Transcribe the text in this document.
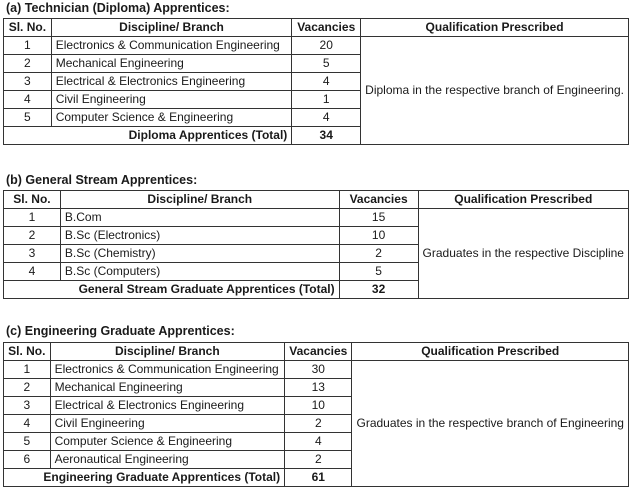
(a) Technician (Diploma) Apprentices:
Sl. No.	Discipline/ Branch	Vacancies	Qualification Prescribed
1	Electronics & Communication Engineering	20	Diploma in the respective branch of Engineering.
2	Mechanical Engineering	5	
3	Electrical & Electronics Engineering	4	
4	Civil Engineering	1	
5	Computer Science & Engineering	4	
Diploma Apprentices (Total)		34	
(b) General Stream Apprentices:
Sl. No.	Discipline/ Branch	Vacancies	Qualification Prescribed
1	B.Com	15	Graduates in the respective Discipline
2	B.Sc (Electronics)	10	
3	B.Sc (Chemistry)	2	
4	B.Sc (Computers)	5	
General Stream Graduate Apprentices (Total)		32	
(c) Engineering Graduate Apprentices:
Sl. No.	Discipline/ Branch	Vacancies	Qualification Prescribed
1	Electronics & Communication Engineering	30	Graduates in the respective branch of Engineering
2	Mechanical Engineering	13	
3	Electrical & Electronics Engineering	10	
4	Civil Engineering	2	
5	Computer Science & Engineering	4	
6	Aeronautical Engineering	2	
Engineering Graduate Apprentices (Total)		61	
